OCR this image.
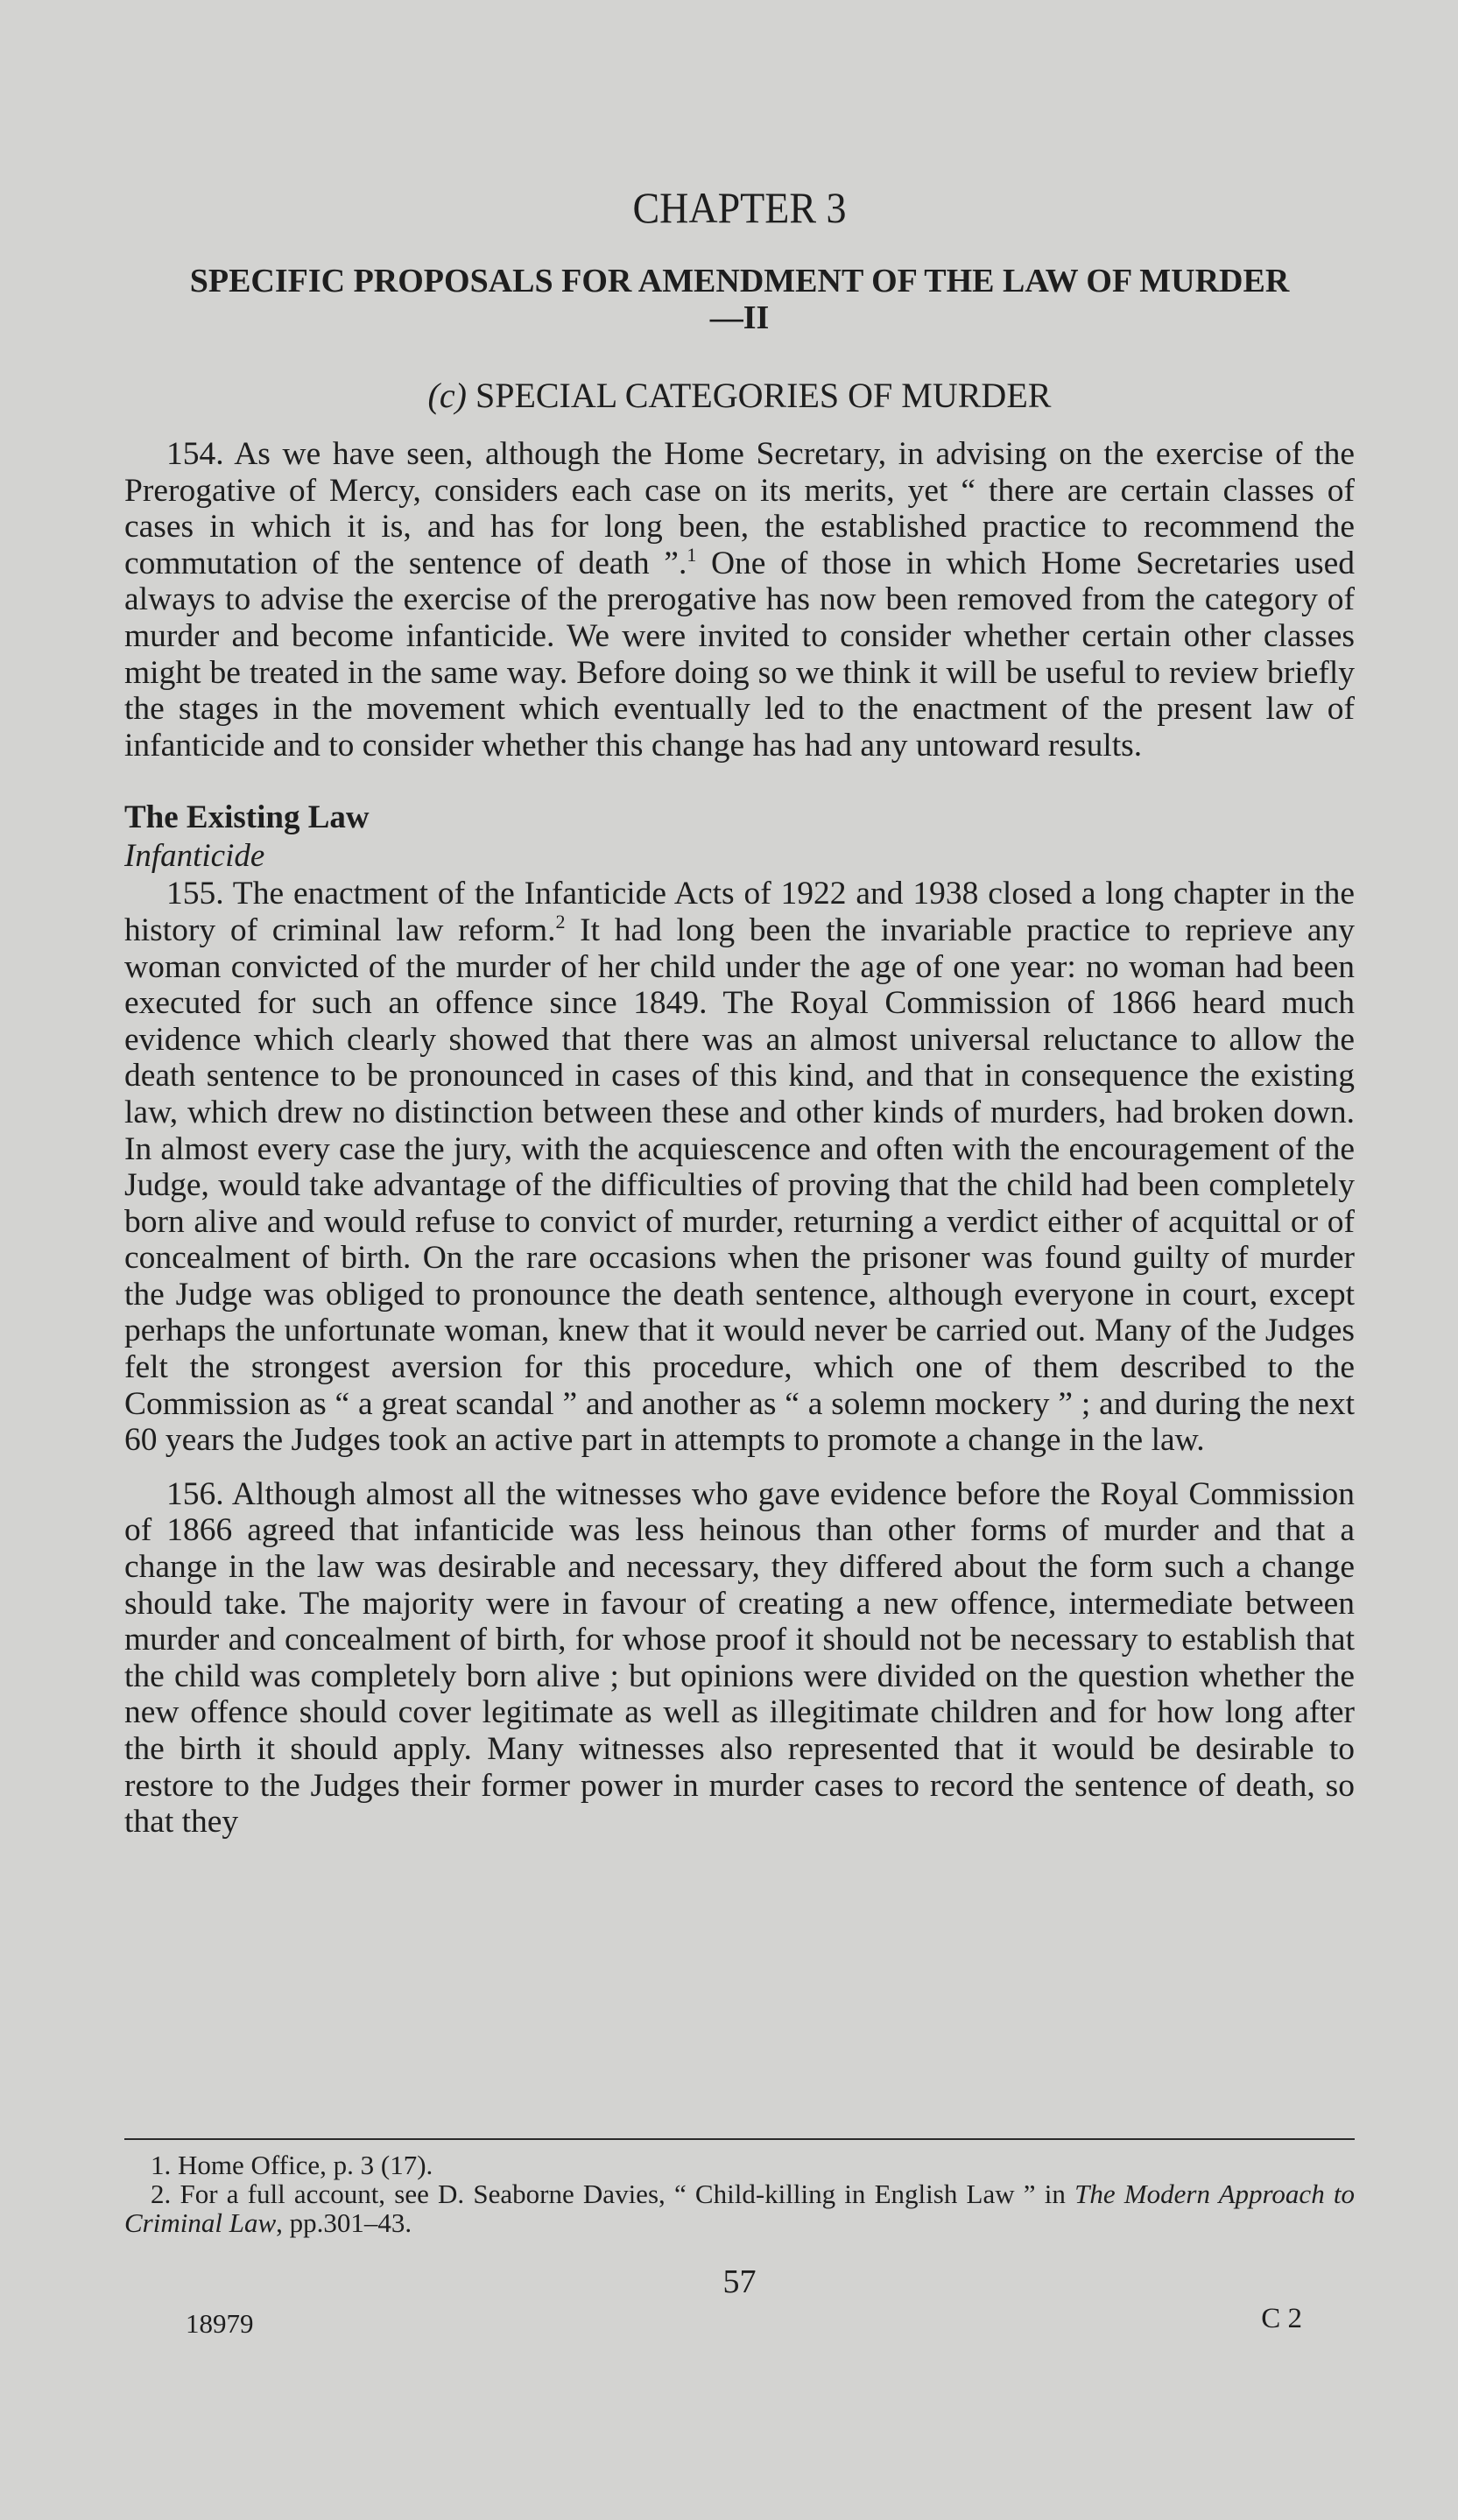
CHAPTER 3
SPECIFIC PROPOSALS FOR AMENDMENT OF THE LAW OF MURDER—II
(c) SPECIAL CATEGORIES OF MURDER

154. As we have seen, although the Home Secretary, in advising on the exercise of the Prerogative of Mercy, considers each case on its merits, yet “ there are certain classes of cases in which it is, and has for long been, the established practice to recommend the commutation of the sentence of death ”.$^1$ One of those in which Home Secretaries used always to advise the exercise of the prerogative has now been removed from the category of murder and become infanticide. We were invited to consider whether certain other classes might be treated in the same way. Before doing so we think it will be useful to review briefly the stages in the movement which eventually led to the enactment of the present law of infanticide and to consider whether this change has had any untoward results.

The Existing Law

Infanticide

155. The enactment of the Infanticide Acts of 1922 and 1938 closed a long chapter in the history of criminal law reform.$^2$ It had long been the invariable practice to reprieve any woman convicted of the murder of her child under the age of one year: no woman had been executed for such an offence since 1849. The Royal Commission of 1866 heard much evidence which clearly showed that there was an almost universal reluctance to allow the death sentence to be pronounced in cases of this kind, and that in consequence the existing law, which drew no distinction between these and other kinds of murders, had broken down. In almost every case the jury, with the acquiescence and often with the encouragement of the Judge, would take advantage of the difficulties of proving that the child had been completely born alive and would refuse to convict of murder, returning a verdict either of acquittal or of concealment of birth. On the rare occasions when the prisoner was found guilty of murder the Judge was obliged to pronounce the death sentence, although everyone in court, except perhaps the unfortunate woman, knew that it would never be carried out. Many of the Judges felt the strongest aversion for this procedure, which one of them described to the Commission as “ a great scandal ” and another as “ a solemn mockery ” ; and during the next 60 years the Judges took an active part in attempts to promote a change in the law.

156. Although almost all the witnesses who gave evidence before the Royal Commission of 1866 agreed that infanticide was less heinous than other forms of murder and that a change in the law was desirable and necessary, they differed about the form such a change should take. The majority were in favour of creating a new offence, intermediate between murder and concealment of birth, for whose proof it should not be necessary to establish that the child was completely born alive ; but opinions were divided on the question whether the new offence should cover legitimate as well as illegitimate children and for how long after the birth it should apply. Many witnesses also represented that it would be desirable to restore to the Judges their former power in murder cases to record the sentence of death, so that they

1. Home Office, p. 3 (17).

2. For a full account, see D. Seaborne Davies, “ Child-killing in English Law ” in The Modern Approach to Criminal Law, pp.301–43.

57
18979	C 2
